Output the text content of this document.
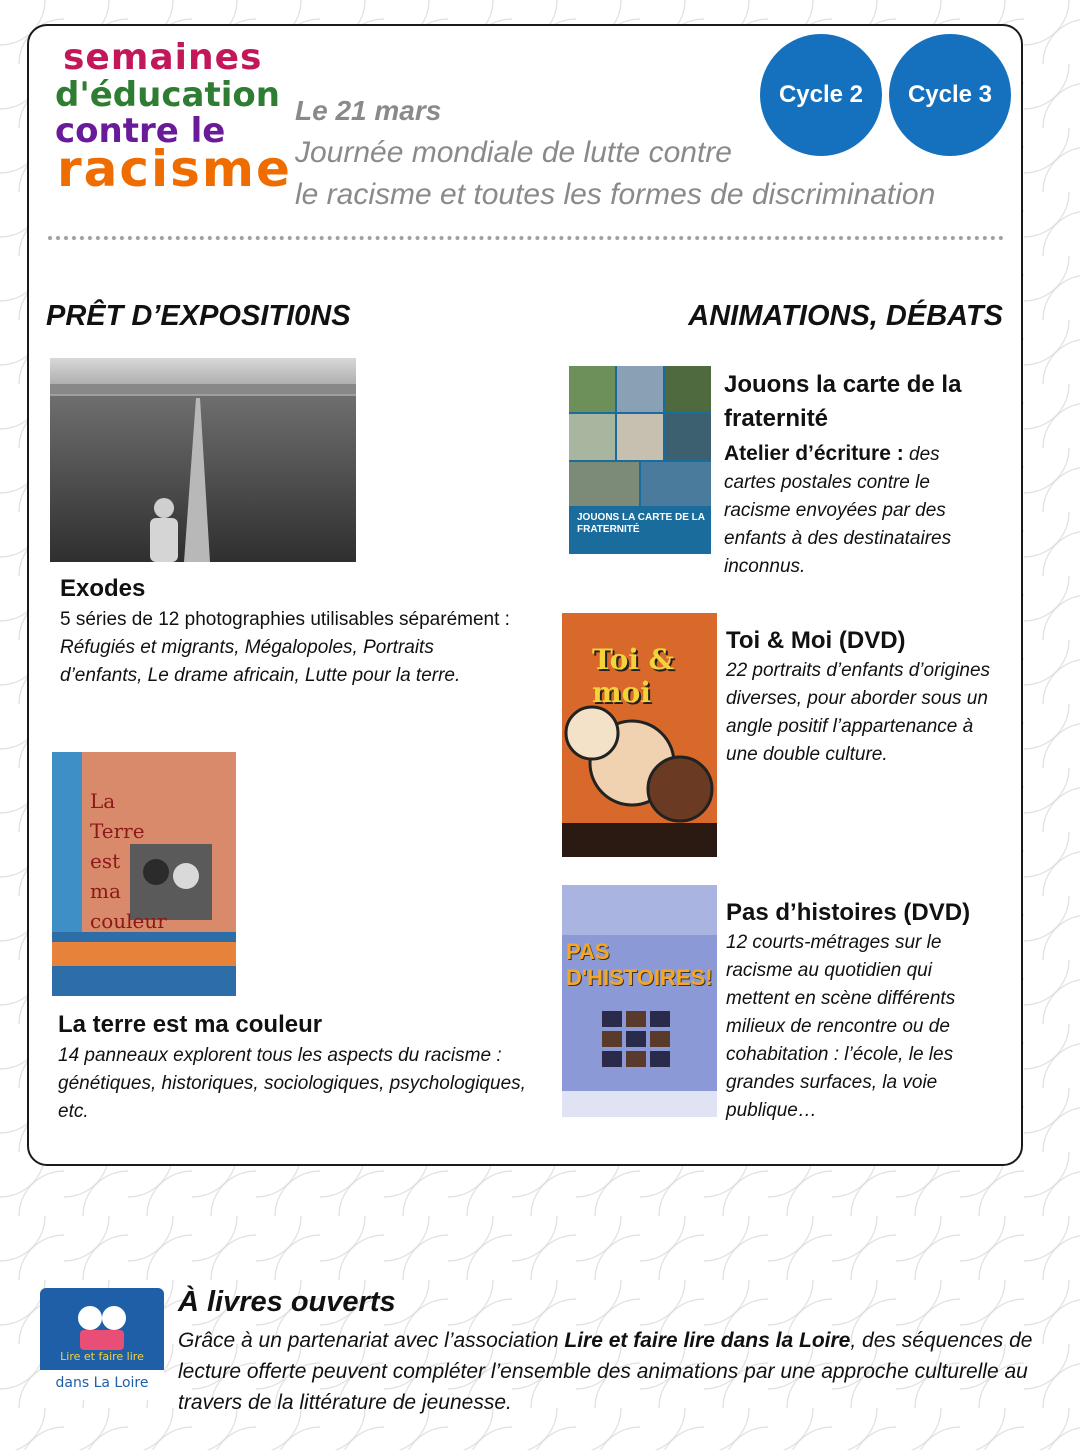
semaines
d'éducation
contre le
racisme
Le 21 mars
Journée mondiale de lutte contre
le racisme et toutes les formes de discrimination
Cycle 2	Cycle 3
PRÊT D’EXPOSITI0NS	ANIMATIONS, DÉBATS
Exodes
5 séries de 12 photographies utilisables séparément :
Réfugiés et migrants, Mégalopoles, Portraits d’enfants, Le drame africain, Lutte pour la terre.
La
Terre
est
ma
couleur
La terre est ma couleur
14 panneaux explorent tous les aspects du racisme : génétiques, historiques, sociologiques, psychologiques, etc.
JOUONS LA CARTE DE LA FRATERNITÉ
Jouons la carte de la fraternité
Atelier d’écriture : des cartes postales contre le racisme envoyées par des enfants à des destinataires inconnus.
Toi & moi
Toi & Moi (DVD)
22 portraits d’enfants d’origines diverses, pour aborder sous un angle positif l’appartenance à une double culture.
PAS D'HISTOIRES!
Pas d’histoires (DVD)
12 courts-métrages sur le racisme au quotidien qui mettent en scène différents milieux de rencontre ou de cohabitation : l’école, le les grandes surfaces, la voie publique…
Lire et faire lire
dans La Loire
À livres ouverts
Grâce à un partenariat avec l’association Lire et faire lire dans la Loire, des séquences de lecture offerte peuvent compléter l’ensemble des animations par une approche culturelle au travers de la littérature de jeunesse.
